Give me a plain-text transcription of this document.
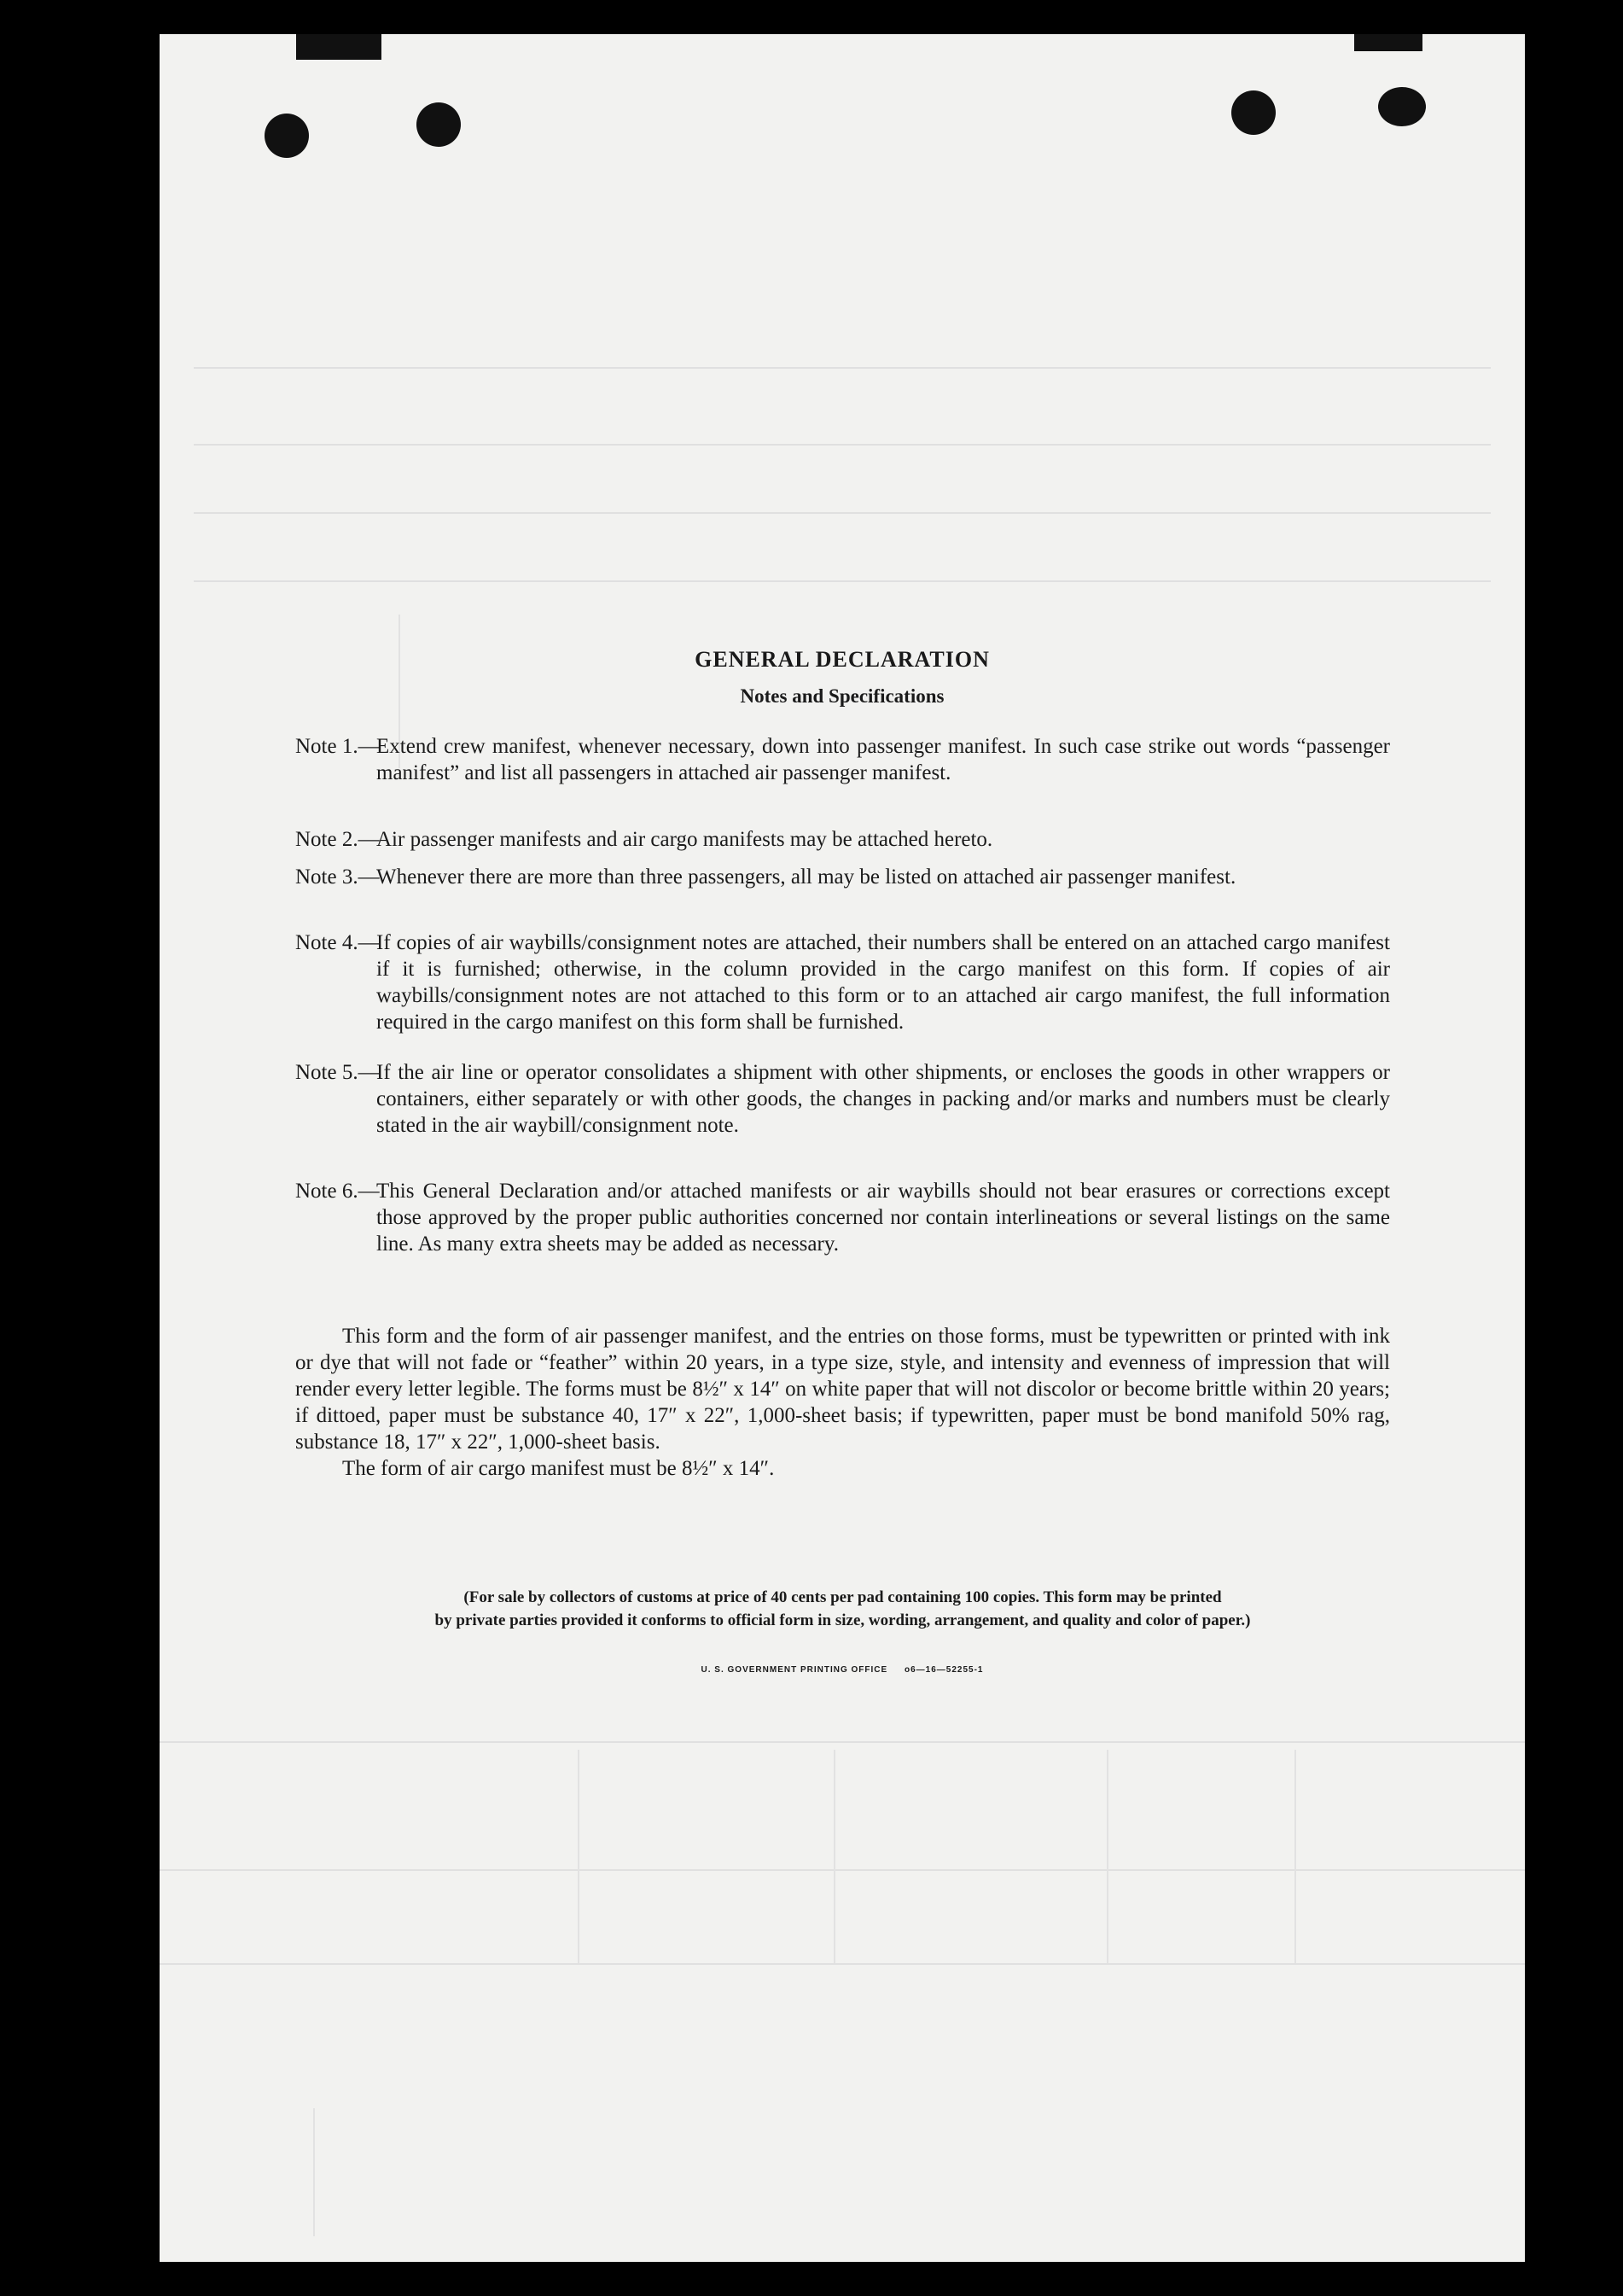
GENERAL DECLARATION
Notes and Specifications
Note 1.—
Extend crew manifest, whenever necessary, down into passenger manifest. In such case strike out words “passenger manifest” and list all passengers in attached air passenger manifest.
Note 2.—
Air passenger manifests and air cargo manifests may be attached hereto.
Note 3.—
Whenever there are more than three passengers, all may be listed on attached air passenger manifest.
Note 4.—
If copies of air waybills/consignment notes are attached, their numbers shall be entered on an attached cargo manifest if it is furnished; otherwise, in the column provided in the cargo manifest on this form. If copies of air waybills/consignment notes are not attached to this form or to an attached air cargo manifest, the full information required in the cargo manifest on this form shall be furnished.
Note 5.—
If the air line or operator consolidates a shipment with other shipments, or encloses the goods in other wrappers or containers, either separately or with other goods, the changes in packing and/or marks and numbers must be clearly stated in the air waybill/consignment note.
Note 6.—
This General Declaration and/or attached manifests or air waybills should not bear erasures or corrections except those approved by the proper public authorities concerned nor contain interlineations or several listings on the same line. As many extra sheets may be added as necessary.

This form and the form of air passenger manifest, and the entries on those forms, must be typewritten or printed with ink or dye that will not fade or “feather” within 20 years, in a type size, style, and intensity and evenness of impression that will render every letter legible. The forms must be 8½″ x 14″ on white paper that will not discolor or become brittle within 20 years; if dittoed, paper must be substance 40, 17″ x 22″, 1,000-sheet basis; if typewritten, paper must be bond manifold 50% rag, substance 18, 17″ x 22″, 1,000-sheet basis.

The form of air cargo manifest must be 8½″ x 14″.

(For sale by collectors of customs at price of 40 cents per pad containing 100 copies. This form may be printed
by private parties provided it conforms to official form in size, wording, arrangement, and quality and color of paper.)
U. S. GOVERNMENT PRINTING OFFICE o6—16—52255-1
